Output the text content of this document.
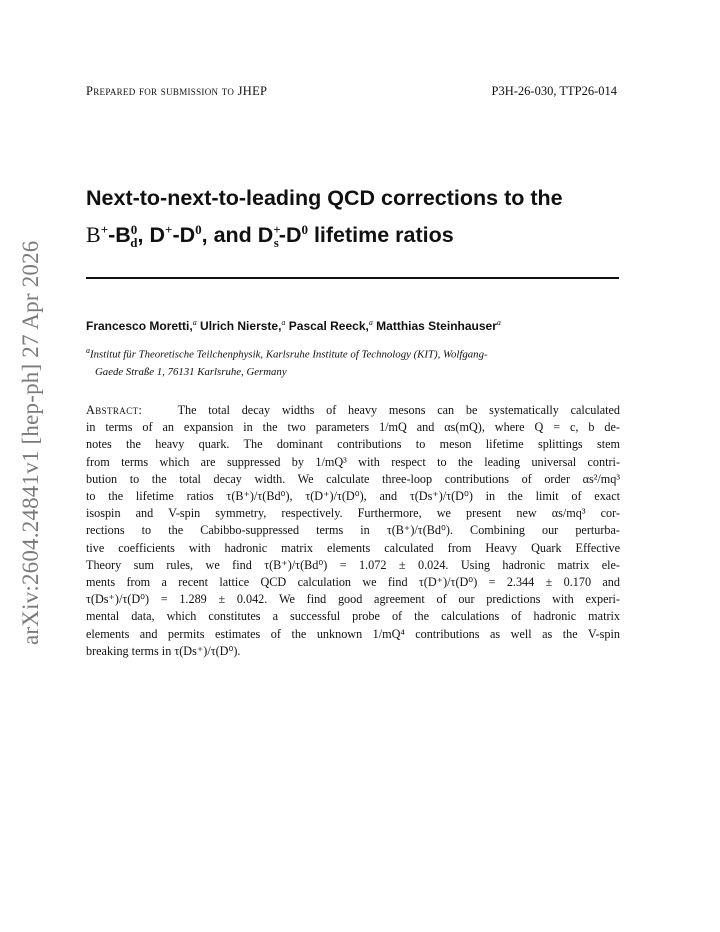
arXiv:2604.24841v1 [hep-ph] 27 Apr 2026
Prepared for submission to JHEP	P3H-26-030, TTP26-014
Next-to-next-to-leading QCD corrections to the
$B^+-B^0_d$, $D^+-D^0$, and $D^+_s-D^0$ lifetime ratios
Francesco Moretti,$^a$ Ulrich Nierste,$^a$ Pascal Reeck,$^a$ Matthias Steinhauser$^a$
$^a$Institut für Theoretische Teilchenphysik, Karlsruhe Institute of Technology (KIT), Wolfgang-
Gaede Straße 1, 76131 Karlsruhe, Germany
Abstract:	The total decay widths of heavy mesons can be systematically calculated
in terms of an expansion in the two parameters 1/mQ and αs(mQ), where Q = c, b de-
notes the heavy quark. The dominant contributions to meson lifetime splittings stem
from terms which are suppressed by 1/mQ³ with respect to the leading universal contri-
bution to the total decay width. We calculate three-loop contributions of order αs²/mq³
to the lifetime ratios τ(B⁺)/τ(Bd⁰), τ(D⁺)/τ(D⁰), and τ(Ds⁺)/τ(D⁰) in the limit of exact
isospin and V-spin symmetry, respectively. Furthermore, we present new αs/mq³ cor-
rections to the Cabibbo-suppressed terms in τ(B⁺)/τ(Bd⁰). Combining our perturba-
tive coefficients with hadronic matrix elements calculated from Heavy Quark Effective
Theory sum rules, we find τ(B⁺)/τ(Bd⁰) = 1.072 ± 0.024. Using hadronic matrix ele-
ments from a recent lattice QCD calculation we find τ(D⁺)/τ(D⁰) = 2.344 ± 0.170 and
τ(Ds⁺)/τ(D⁰) = 1.289 ± 0.042. We find good agreement of our predictions with experi-
mental data, which constitutes a successful probe of the calculations of hadronic matrix
elements and permits estimates of the unknown 1/mQ⁴ contributions as well as the V-spin
breaking terms in τ(Ds⁺)/τ(D⁰).
